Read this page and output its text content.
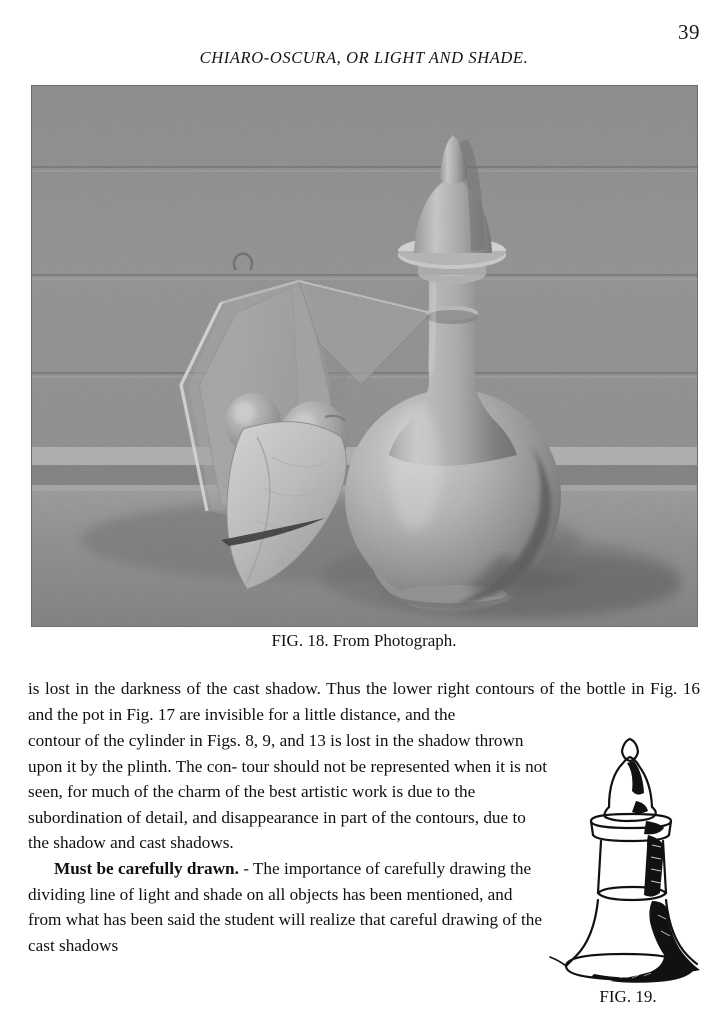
39
CHIARO-OSCURA, OR LIGHT AND SHADE.
FIG. 18. From Photograph.

is lost in the darkness of the cast shadow. Thus the lower right contours of the bottle in Fig. 16 and the pot in Fig. 17 are invisible for a little distance, and the

contour of the cylinder in Figs. 8, 9, and 13 is lost in the shadow thrown upon it by the plinth. The con- tour should not be represented when it is not seen, for much of the charm of the best artistic work is due to the subordination of detail, and disappearance in part of the contours, due to the shadow and cast shadows.

Must be carefully drawn. - The importance of carefully drawing the dividing line of light and shade on all objects has been mentioned, and from what has been said the student will realize that careful drawing of the cast shadows

FIG. 19.
